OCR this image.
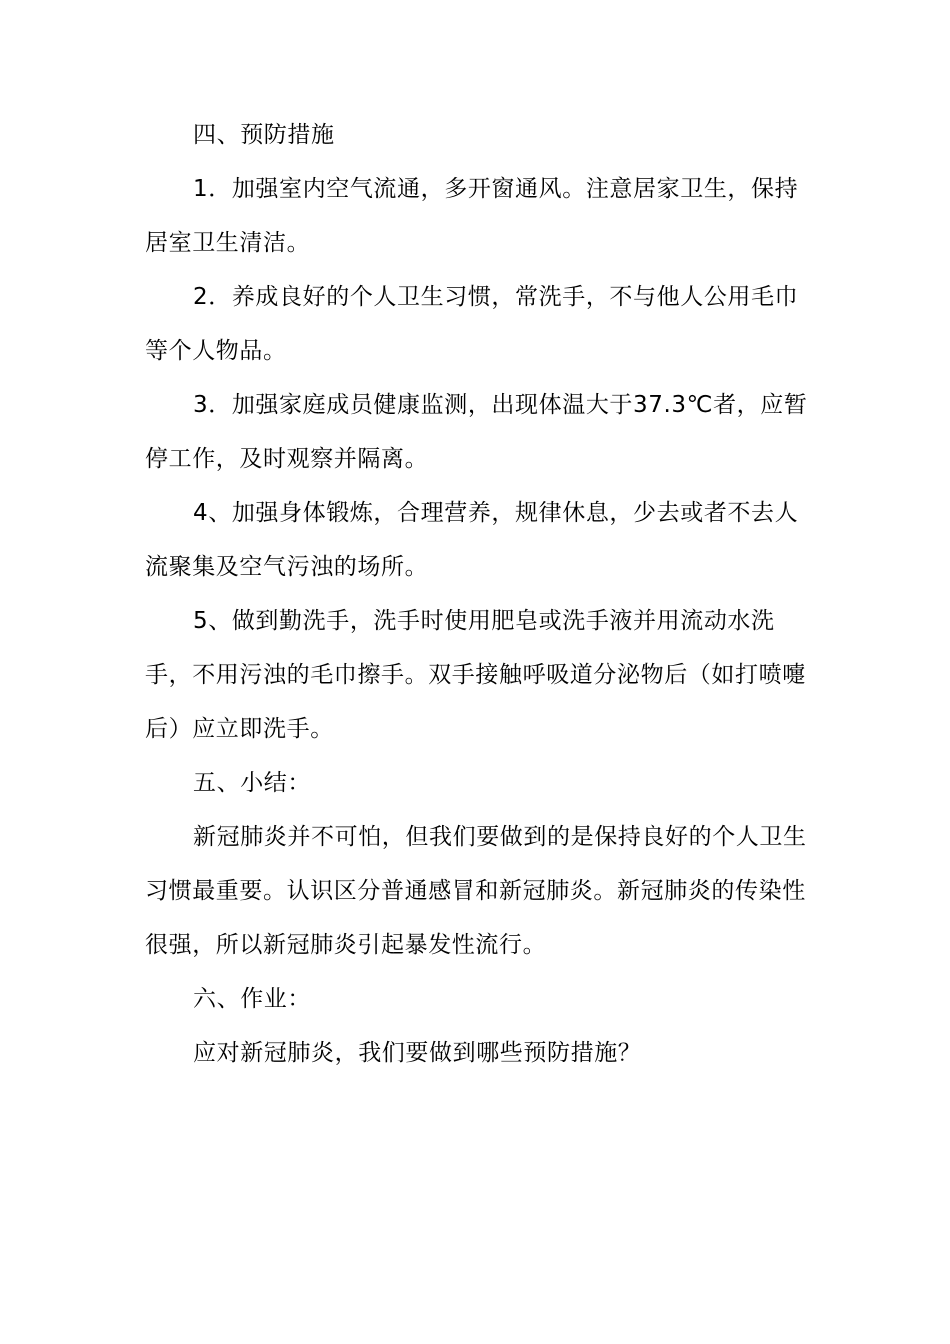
四、预防措施

1．加强室内空气流通，多开窗通风。注意居家卫生，保持居室卫生清洁。

2．养成良好的个人卫生习惯，常洗手，不与他人公用毛巾等个人物品。

3．加强家庭成员健康监测，出现体温大于37.3℃者，应暂停工作，及时观察并隔离。

4、加强身体锻炼，合理营养，规律休息，少去或者不去人流聚集及空气污浊的场所。

5、做到勤洗手，洗手时使用肥皂或洗手液并用流动水洗手，不用污浊的毛巾擦手。双手接触呼吸道分泌物后（如打喷嚏后）应立即洗手。

五、小结：

新冠肺炎并不可怕，但我们要做到的是保持良好的个人卫生习惯最重要。认识区分普通感冒和新冠肺炎。新冠肺炎的传染性很强，所以新冠肺炎引起暴发性流行。

六、作业：

应对新冠肺炎，我们要做到哪些预防措施？
